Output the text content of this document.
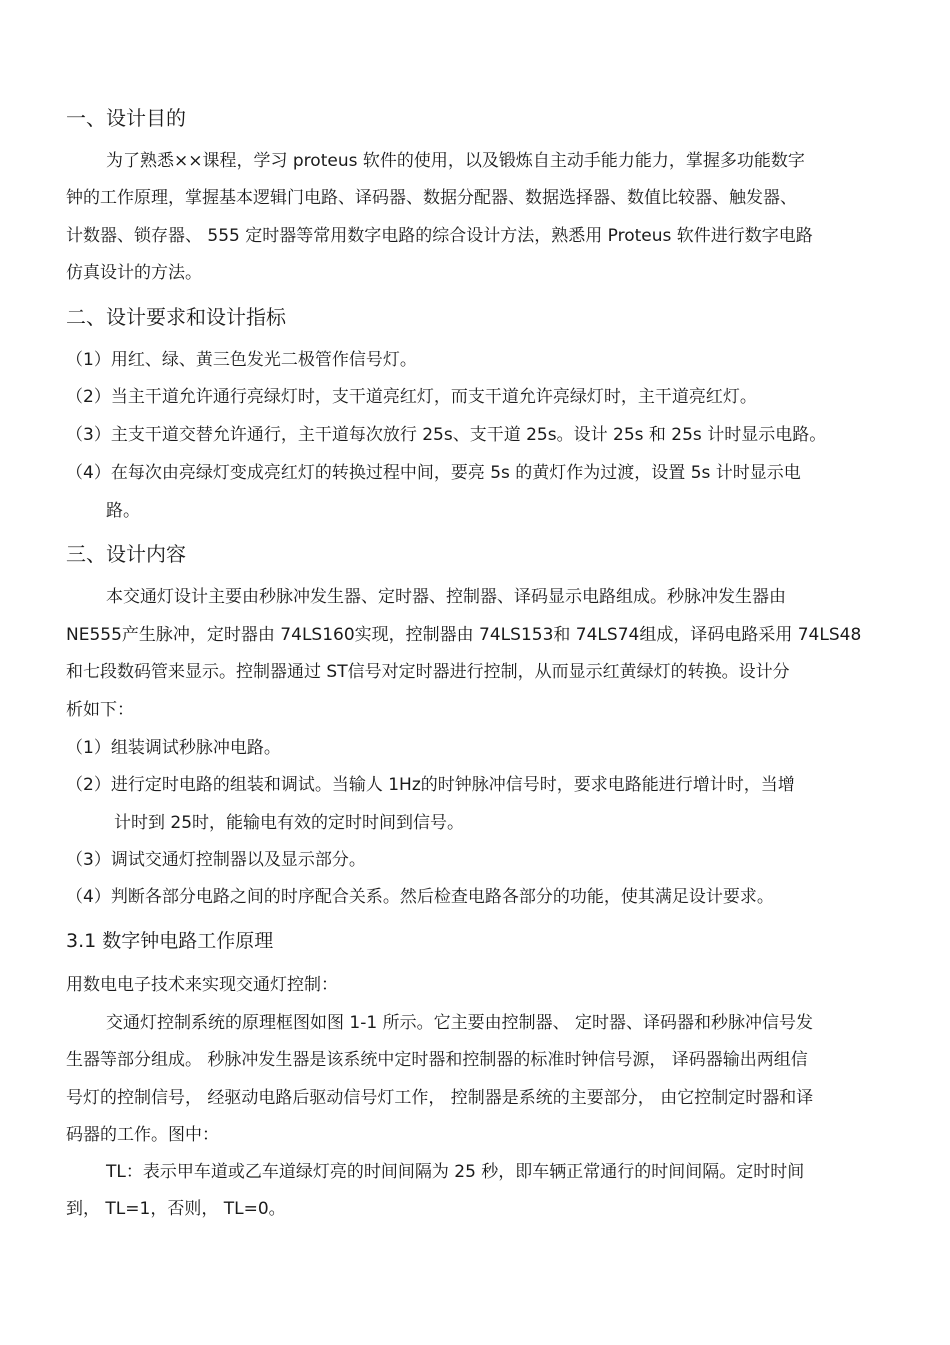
一、设计目的
为了熟悉××课程，学习 proteus 软件的使用，以及锻炼自主动手能力能力，掌握多功能数字
钟的工作原理，掌握基本逻辑门电路、译码器、数据分配器、数据选择器、数值比较器、触发器、
计数器、锁存器、 555 定时器等常用数字电路的综合设计方法，熟悉用 Proteus 软件进行数字电路
仿真设计的方法。
二、设计要求和设计指标
（1）用红、绿、黄三色发光二极管作信号灯。
（2）当主干道允许通行亮绿灯时，支干道亮红灯，而支干道允许亮绿灯时，主干道亮红灯。
（3）主支干道交替允许通行，主干道每次放行 25s、支干道 25s。设计 25s 和 25s 计时显示电路。
（4）在每次由亮绿灯变成亮红灯的转换过程中间，要亮 5s 的黄灯作为过渡，设置 5s 计时显示电
路。
三、设计内容
本交通灯设计主要由秒脉冲发生器、定时器、控制器、译码显示电路组成。秒脉冲发生器由
NE555产生脉冲，定时器由 74LS160实现，控制器由 74LS153和 74LS74组成，译码电路采用 74LS48
和七段数码管来显示。控制器通过 ST信号对定时器进行控制，从而显示红黄绿灯的转换。设计分
析如下：
（1）组装调试秒脉冲电路。
（2）进行定时电路的组装和调试。当输人 1Hz的时钟脉冲信号时，要求电路能进行增计时，当增
计时到 25时，能输电有效的定时时间到信号。
（3）调试交通灯控制器以及显示部分。
（4）判断各部分电路之间的时序配合关系。然后检查电路各部分的功能，使其满足设计要求。
3.1 数字钟电路工作原理
用数电电子技术来实现交通灯控制：
交通灯控制系统的原理框图如图 1-1 所示。它主要由控制器、 定时器、译码器和秒脉冲信号发
生器等部分组成。 秒脉冲发生器是该系统中定时器和控制器的标准时钟信号源， 译码器输出两组信
号灯的控制信号， 经驱动电路后驱动信号灯工作， 控制器是系统的主要部分， 由它控制定时器和译
码器的工作。图中：
TL：表示甲车道或乙车道绿灯亮的时间间隔为 25 秒，即车辆正常通行的时间间隔。定时时间
到， TL=1，否则， TL=0。
